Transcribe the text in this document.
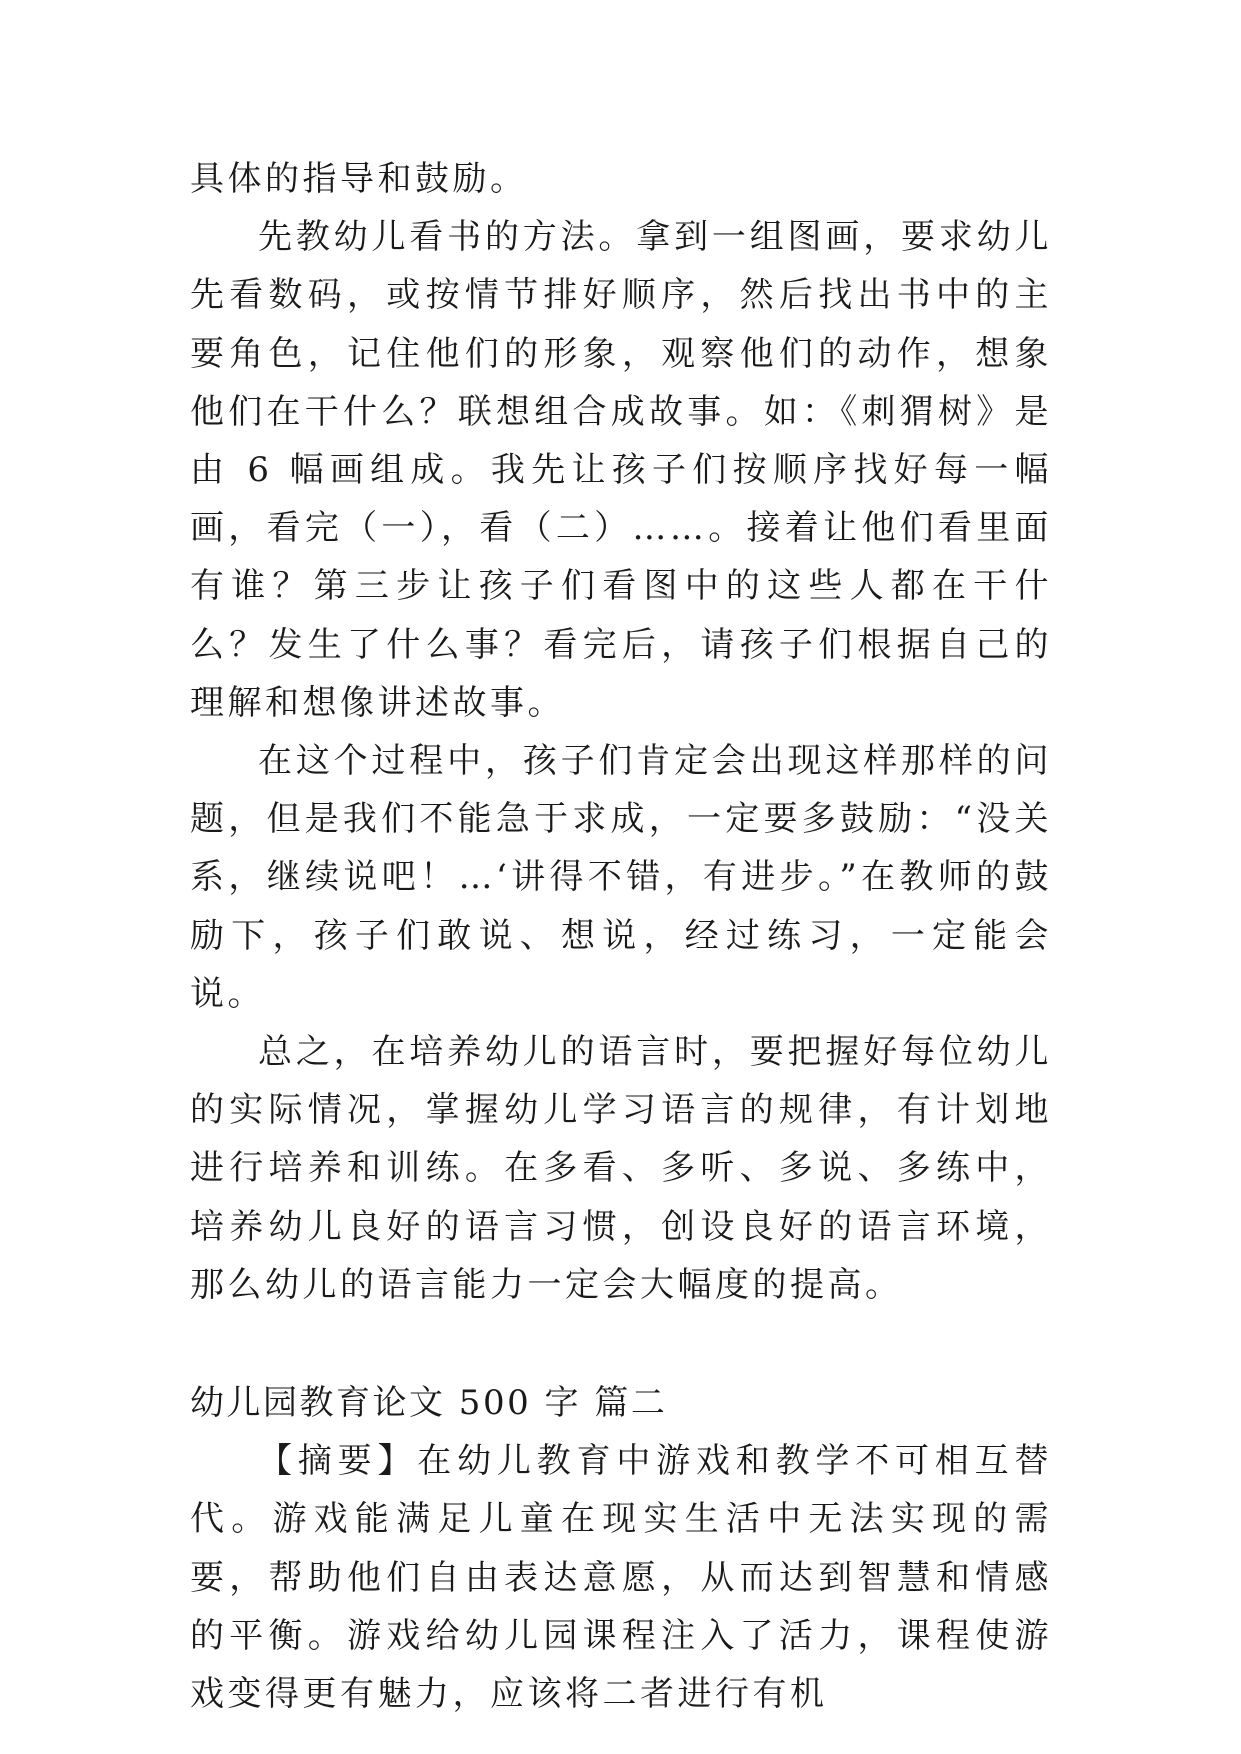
具体的指导和鼓励。

先教幼儿看书的方法。拿到一组图画，要求幼儿先看数码，或按情节排好顺序，然后找出书中的主要角色，记住他们的形象，观察他们的动作，想象他们在干什么？联想组合成故事。如：《刺猬树》是由 6 幅画组成。我先让孩子们按顺序找好每一幅画，看完（一），看（二）……。接着让他们看里面有谁？第三步让孩子们看图中的这些人都在干什么？发生了什么事？看完后，请孩子们根据自己的理解和想像讲述故事。

在这个过程中，孩子们肯定会出现这样那样的问题，但是我们不能急于求成，一定要多鼓励：“没关系，继续说吧！…‘讲得不错，有进步。”在教师的鼓励下，孩子们敢说、想说，经过练习，一定能会说。

总之，在培养幼儿的语言时，要把握好每位幼儿的实际情况，掌握幼儿学习语言的规律，有计划地进行培养和训练。在多看、多听、多说、多练中，培养幼儿良好的语言习惯，创设良好的语言环境，那么幼儿的语言能力一定会大幅度的提高。

幼儿园教育论文 500 字 篇二

【摘要】在幼儿教育中游戏和教学不可相互替代。游戏能满足儿童在现实生活中无法实现的需要，帮助他们自由表达意愿，从而达到智慧和情感的平衡。游戏给幼儿园课程注入了活力，课程使游戏变得更有魅力，应该将二者进行有机
